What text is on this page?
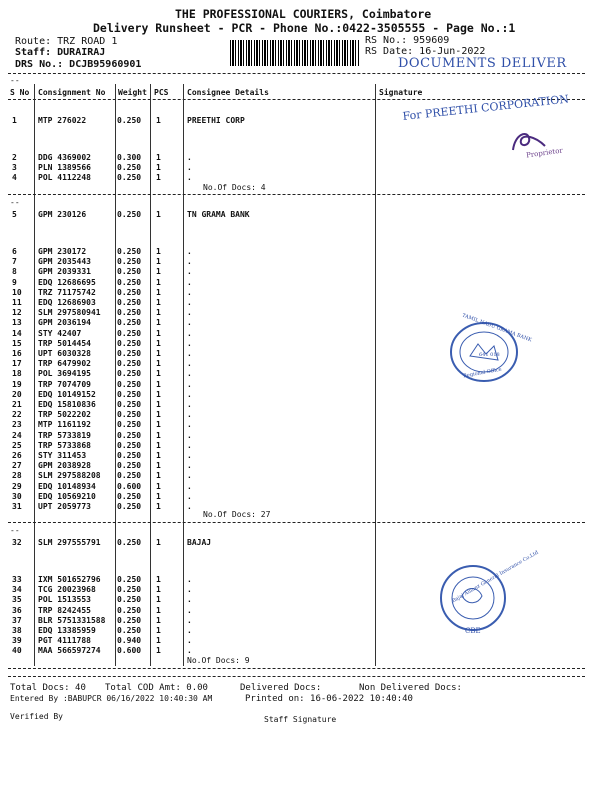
THE PROFESSIONAL COURIERS, Coimbatore
Delivery Runsheet - PCR - Phone No.:0422-3505555 - Page No.:1
Route: TRZ ROAD 1
Staff: DURAIRAJ
DRS No.: DCJB95960901
RS No.: 959609
RS Date: 16-Jun-2022
DOCUMENTS DELIVER
--
S No Consignment No Weight PCS Consignee Details	Signature
1	MTP 276022	0.250 1	PREETHI CORP
2	DDG 4369002	0.300 1	.
3	PLN 1389566	0.250 1	.
4	POL 4112248	0.250 1	.
No.Of Docs: 4
--
5	GPM 230126	0.250 1	TN GRAMA BANK
6	GPM 230172	0.250 1	.
7	GPM 2035443	0.250 1	.
8	GPM 2039331	0.250 1	.
9	EDQ 12686695	0.250 1	.
10 TRZ 71175742	0.250 1	.
11 EDQ 12686903	0.250 1	.
12 SLM 297580941 0.250 1	.
13 GPM 2036194	0.250 1	.
14 STY 42407	0.250 1	.
15 TRP 5014454	0.250 1	.
16 UPT 6030328	0.250 1	.
17 TRP 6479902	0.250 1	.
18 POL 3694195	0.250 1	.
19 TRP 7074709	0.250 1	.
20 EDQ 10149152	0.250 1	.
21 EDQ 15810836	0.250 1	.
22 TRP 5022202	0.250 1	.
23 MTP 1161192	0.250 1	.
24 TRP 5733819	0.250 1	.
25 TRP 5733868	0.250 1	.
26 STY 311453	0.250 1	.
27 GPM 2038928	0.250 1	.
28 SLM 297588208 0.250 1	.
29 EDQ 10148934	0.600 1	.
30 EDQ 10569210	0.250 1	.
31 UPT 2059773	0.250 1	.
No.Of Docs: 27
--
32 SLM 297555791 0.250 1	BAJAJ
33 IXM 501652796 0.250 1	.
34 TCG 20023968	0.250 1	.
35 POL 1513553	0.250 1	.
36 TRP 8242455	0.250 1	.
37 BLR 5751331588 0.250 1	.
38 EDQ 13385959	0.250 1	.
39 PGT 4111788	0.940 1	.
40 MAA 566597274 0.600 1	.
No.Of Docs: 9
Total Docs: 40 Total COD Amt: 0.00	Delivered Docs:	Non Delivered Docs:
Entered By :BABUPCR 06/16/2022 10:40:30 AM	Printed on: 16-06-2022 10:40:40
Verified By	Staff Signature
For PREETHI CORPORATION
Proprietor
TAMIL NADU GRAMA BANK
641 018
Regional Office
Bajaj Allianz General Insurance Co.Ltd
CBE
